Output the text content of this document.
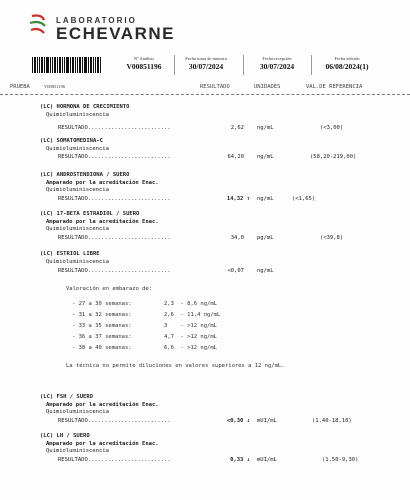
LABORATORIO
ECHEVARNE
V00851196
Nº Análisis
V00851196
Fecha toma de muestra
30/07/2024
Fecha recepción
30/07/2024
Fecha edición
06/08/2024(1)
PRUEBA	RESULTADO	UNIDADES	VAL.DE REFERENCIA
(LC) HORMONA DE CRECIMIENTO
Quimioluminiscencia
RESULTADO.........................	2,62 ng/mL	(<3,00)
(LC) SOMATOMEDINA-C
Quimioluminiscencia
RESULTADO.........................	64,20 ng/mL	(58,20-219,00)
(LC) ANDROSTENDIONA / SUERO
Amparado por la acreditación Enac.
Quimioluminiscencia
RESULTADO.........................	14,32 ↑ ng/mL	(<1,65)
(LC) 17-BETA ESTRADIOL / SUERO
Amparado por la acreditación Enac.
Quimioluminiscencia
RESULTADO.........................	34,0 pg/mL	(<39,8)
(LC) ESTRIOL LIBRE
Quimioluminiscencia
RESULTADO.........................	<0,07 ng/mL
Valoración en embarazo de:
- 27 a 30 semanas:	2,3  - 8,6 ng/mL
- 31 a 32 semanas:	2,6  - 11,4 ng/mL
- 33 a 35 semanas:	3    - >12 ng/mL
- 36 a 37 semanas:	4,7  - >12 ng/mL
- 38 a 40 semanas:	6,6  - >12 ng/mL
La técnica no permite diluciones en valores superiores a 12 ng/mL.
(LC) FSH / SUERO
Amparado por la acreditación Enac.
Quimioluminiscencia
RESULTADO.........................	<0,30 ↓ mUI/mL	(1,40-18,10)
(LC) LH / SUERO
Amparado por la acreditación Enac.
Quimioluminiscencia
RESULTADO.........................	0,33 ↓ mUI/mL	(1,50-9,30)
